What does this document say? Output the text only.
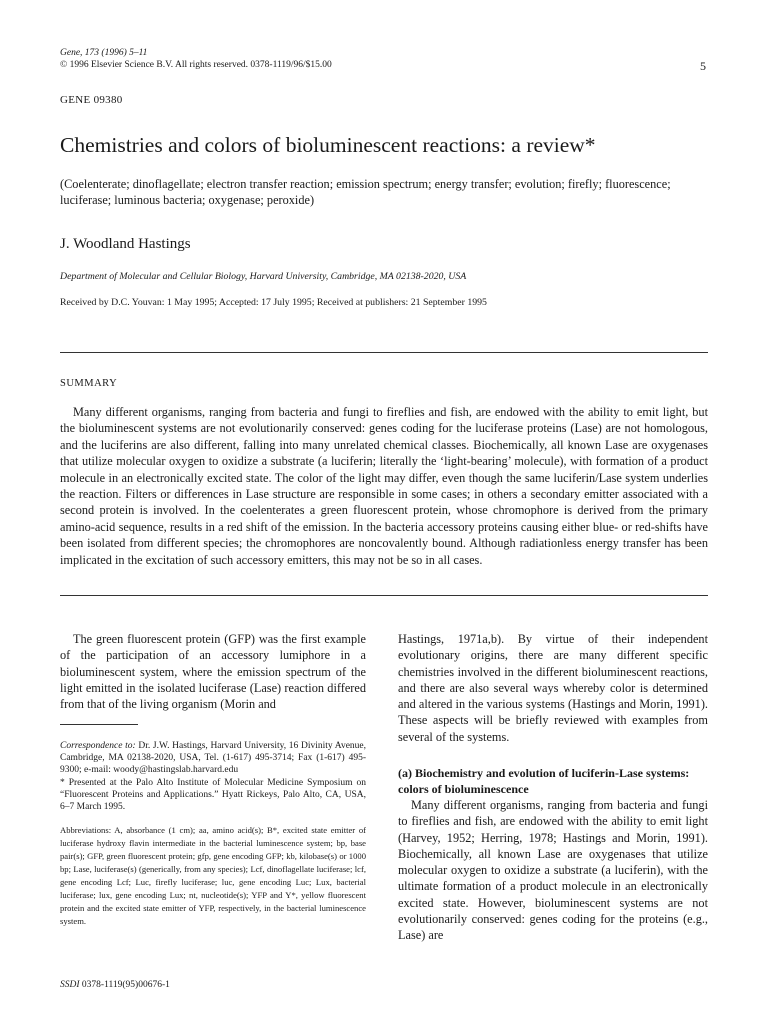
Gene, 173 (1996) 5–11
© 1996 Elsevier Science B.V. All rights reserved. 0378-1119/96/$15.00	5
GENE 09380
Chemistries and colors of bioluminescent reactions: a review*
(Coelenterate; dinoflagellate; electron transfer reaction; emission spectrum; energy transfer; evolution; firefly; fluorescence; luciferase; luminous bacteria; oxygenase; peroxide)
J. Woodland Hastings
Department of Molecular and Cellular Biology, Harvard University, Cambridge, MA 02138-2020, USA
Received by D.C. Youvan: 1 May 1995; Accepted: 17 July 1995; Received at publishers: 21 September 1995
SUMMARY

Many different organisms, ranging from bacteria and fungi to fireflies and fish, are endowed with the ability to emit light, but the bioluminescent systems are not evolutionarily conserved: genes coding for the luciferase proteins (Lase) are not homologous, and the luciferins are also different, falling into many unrelated chemical classes. Biochemically, all known Lase are oxygenases that utilize molecular oxygen to oxidize a substrate (a luciferin; literally the ‘light-bearing’ molecule), with formation of a product molecule in an electronically excited state. The color of the light may differ, even though the same luciferin/Lase system underlies the reaction. Filters or differences in Lase structure are responsible in some cases; in others a secondary emitter associated with a second protein is involved. In the coelenterates a green fluorescent protein, whose chromophore is derived from the primary amino-acid sequence, results in a red shift of the emission. In the bacteria accessory proteins causing either blue- or red-shifts have been isolated from different species; the chromophores are noncovalently bound. Although radiationless energy transfer has been implicated in the excitation of such accessory emitters, this may not be so in all cases.

The green fluorescent protein (GFP) was the first example of the participation of an accessory lumiphore in a bioluminescent system, where the emission spectrum of the light emitted in the isolated luciferase (Lase) reaction differed from that of the living organism (Morin and

Correspondence to: Dr. J.W. Hastings, Harvard University, 16 Divinity Avenue, Cambridge, MA 02138-2020, USA, Tel. (1-617) 495-3714; Fax (1-617) 495-9300; e-mail: woody@hastingslab.harvard.edu
* Presented at the Palo Alto Institute of Molecular Medicine Symposium on “Fluorescent Proteins and Applications.” Hyatt Rickeys, Palo Alto, CA, USA, 6–7 March 1995.
Abbreviations: A, absorbance (1 cm); aa, amino acid(s); B*, excited state emitter of luciferase hydroxy flavin intermediate in the bacterial luminescence system; bp, base pair(s); GFP, green fluorescent protein; gfp, gene encoding GFP; kb, kilobase(s) or 1000 bp; Lase, luciferase(s) (generically, from any species); Lcf, dinoflagellate luciferase; lcf, gene encoding Lcf; Luc, firefly luciferase; luc, gene encoding Luc; Lux, bacterial luciferase; lux, gene encoding Lux; nt, nucleotide(s); YFP and Y*, yellow fluorescent protein and the excited state emitter of YFP, respectively, in the bacterial luminescence system.
SSDI 0378-1119(95)00676-1

Hastings, 1971a,b). By virtue of their independent evolutionary origins, there are many different specific chemistries involved in the different bioluminescent reactions, and there are also several ways whereby color is determined and altered in the various systems (Hastings and Morin, 1991). These aspects will be briefly reviewed with examples from several of the systems.

(a) Biochemistry and evolution of luciferin-Lase systems: colors of bioluminescence

Many different organisms, ranging from bacteria and fungi to fireflies and fish, are endowed with the ability to emit light (Harvey, 1952; Herring, 1978; Hastings and Morin, 1991). Biochemically, all known Lase are oxygenases that utilize molecular oxygen to oxidize a substrate (a luciferin), with the ultimate formation of a product molecule in an electronically excited state. However, bioluminescent systems are not evolutionarily conserved: genes coding for the proteins (e.g., Lase) are
